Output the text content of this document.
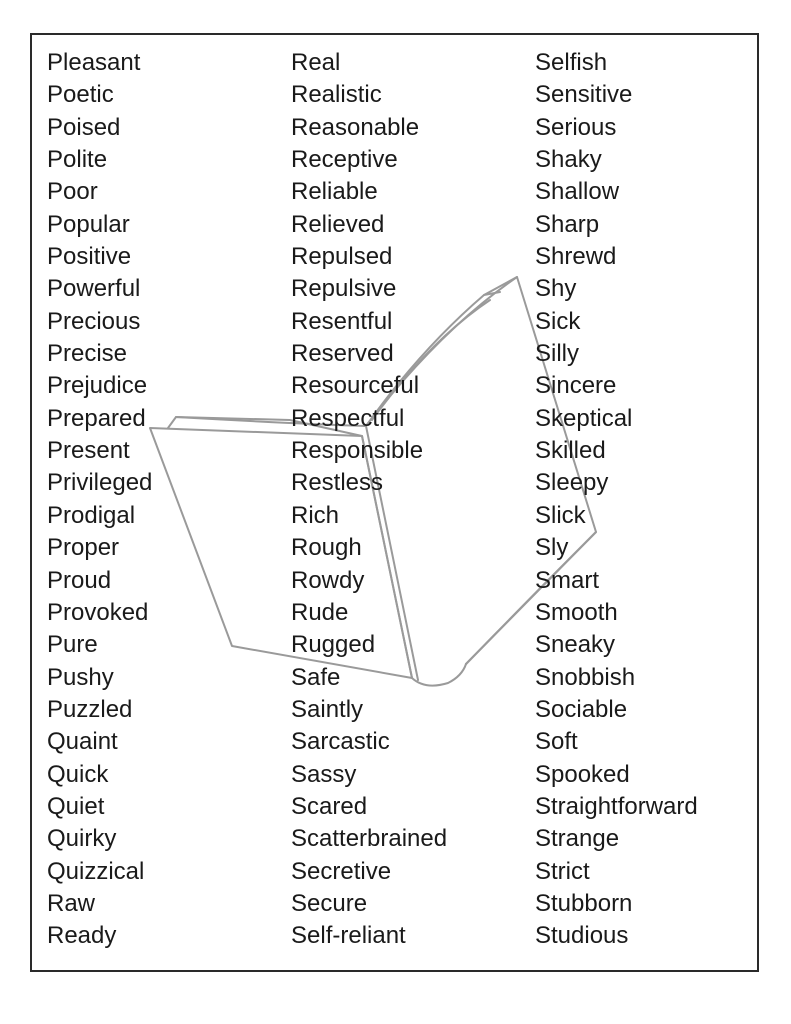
Pleasant
Poetic
Poised
Polite
Poor
Popular
Positive
Powerful
Precious
Precise
Prejudice
Prepared
Present
Privileged
Prodigal
Proper
Proud
Provoked
Pure
Pushy
Puzzled
Quaint
Quick
Quiet
Quirky
Quizzical
Raw
Ready
Real
Realistic
Reasonable
Receptive
Reliable
Relieved
Repulsed
Repulsive
Resentful
Reserved
Resourceful
Respectful
Responsible
Restless
Rich
Rough
Rowdy
Rude
Rugged
Safe
Saintly
Sarcastic
Sassy
Scared
Scatterbrained
Secretive
Secure
Self-reliant
Selfish
Sensitive
Serious
Shaky
Shallow
Sharp
Shrewd
Shy
Sick
Silly
Sincere
Skeptical
Skilled
Sleepy
Slick
Sly
Smart
Smooth
Sneaky
Snobbish
Sociable
Soft
Spooked
Straightforward
Strange
Strict
Stubborn
Studious
